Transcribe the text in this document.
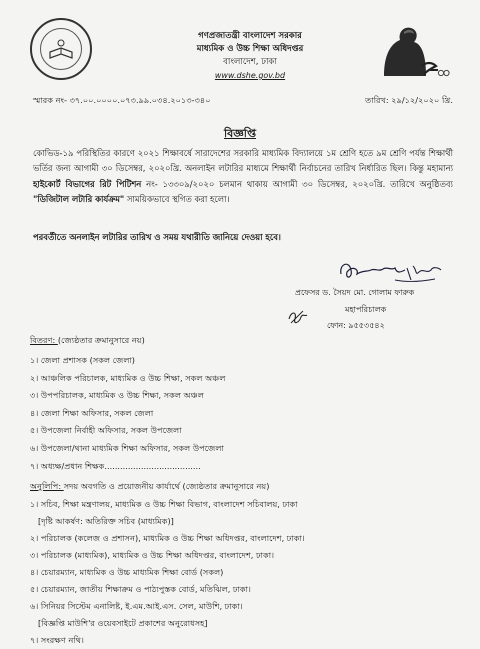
গণপ্রজাতন্ত্রী বাংলাদেশ সরকার
মাধ্যমিক ও উচ্চ শিক্ষা অধিদপ্তর
বাংলাদেশ, ঢাকা
www.dshe.gov.bd
স্মারক নং- ৩৭.০০.০০০০.০৭৩.৯৯.০৩৪.২০১৩-৩৪০	তারিখ: ২৯/১২/২০২০ খ্রি.
বিজ্ঞপ্তি
কোভিড-১৯ পরিস্থিতির কারণে ২০২১ শিক্ষাবর্ষে সারাদেশের সরকারি মাধ্যমিক বিদ্যালয়ে ১ম শ্রেণি হতে ৯ম শ্রেণি পর্যন্ত শিক্ষার্থী ভর্তির জন্য আগামী ৩০ ডিসেম্বর, ২০২০খ্রি. অনলাইন লটারির মাধ্যমে শিক্ষার্থী নির্বাচনের তারিখ নির্ধারিত ছিল। কিন্তু মহামান্য হাইকোর্ট বিভাগের রিট পিটিশন নং- ১৩৩০৯/২০২০ চলমান থাকায় আগামী ৩০ ডিসেম্বর, ২০২০খ্রি. তারিখে অনুষ্ঠিতব্য "ডিজিটাল লটারি কার্যক্রম" সাময়িকভাবে স্থগিত করা হলো।
পরবর্তীতে অনলাইন লটারির তারিখ ও সময় যথারীতি জানিয়ে দেওয়া হবে।
প্রফেসর ড. সৈয়দ মো. গোলাম ফারুক
মহাপরিচালক
ফোন: ৯৫৫৩৫৪২
বিতরণ: (জ্যেষ্ঠতার ক্রমানুসারে নয়)
১। জেলা প্রশাসক (সকল জেলা)
২। আঞ্চলিক পরিচালক, মাধ্যমিক ও উচ্চ শিক্ষা, সকল অঞ্চল
৩। উপপরিচালক, মাধ্যমিক ও উচ্চ শিক্ষা, সকল অঞ্চল
৪। জেলা শিক্ষা অফিসার, সকল জেলা
৫। উপজেলা নির্বাহী অফিসার, সকল উপজেলা
৬। উপজেলা/থানা মাধ্যমিক শিক্ষা অফিসার, সকল উপজেলা
৭। অধ্যক্ষ/প্রধান শিক্ষক.....................................
অনুলিপি: সদয় অবগতি ও প্রয়োজনীয় কার্যার্থে (জ্যেষ্ঠতার ক্রমানুসারে নয়)
১। সচিব, শিক্ষা মন্ত্রণালয়, মাধ্যমিক ও উচ্চ শিক্ষা বিভাগ, বাংলাদেশ সচিবালয়, ঢাকা
[দৃষ্টি আকর্ষণ: অতিরিক্ত সচিব (মাধ্যমিক)]
২। পরিচালক (কলেজ ও প্রশাসন), মাধ্যমিক ও উচ্চ শিক্ষা অধিদপ্তর, বাংলাদেশ, ঢাকা।
৩। পরিচালক (মাধ্যমিক), মাধ্যমিক ও উচ্চ শিক্ষা অধিদপ্তর, বাংলাদেশ, ঢাকা।
৪। চেয়ারম্যান, মাধ্যমিক ও উচ্চ মাধ্যমিক শিক্ষা বোর্ড (সকল)
৫। চেয়ারম্যান, জাতীয় শিক্ষাক্রম ও পাঠ্যপুস্তক বোর্ড, মতিঝিল, ঢাকা।
৬। সিনিয়র সিস্টেম এনালিষ্ট, ই.এম.আই.এস. সেল, মাউশি, ঢাকা।
[বিজ্ঞপ্তি মাউশি'র ওয়েবসাইটে প্রকাশের অনুরোধসহ]
৭। সংরক্ষণ নথি।
